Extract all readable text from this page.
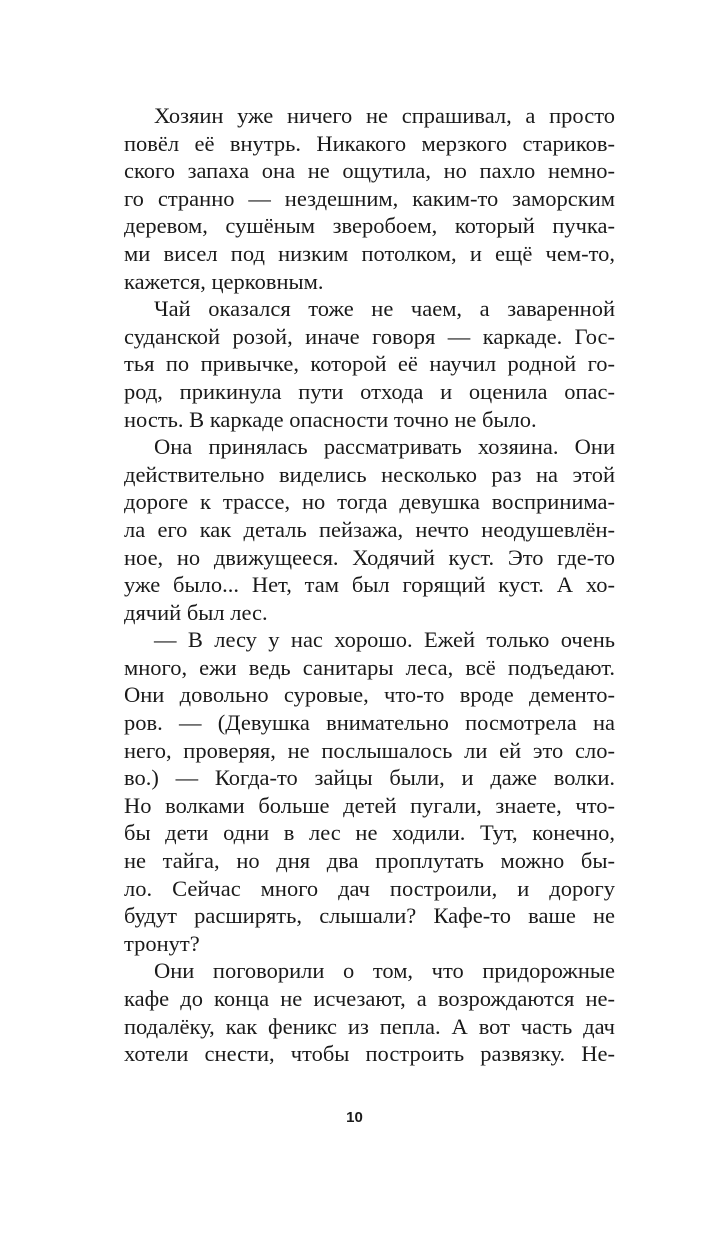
Хозяин уже ничего не спрашивал, а просто
повёл её внутрь. Никакого мерзкого стариков-
ского запаха она не ощутила, но пахло немно-
го странно — нездешним, каким-то заморским
деревом, сушёным зверобоем, который пучка-
ми висел под низким потолком, и ещё чем-то,
кажется, церковным.
Чай оказался тоже не чаем, а заваренной
суданской розой, иначе говоря — каркаде. Гос-
тья по привычке, которой её научил родной го-
род, прикинула пути отхода и оценила опас-
ность. В каркаде опасности точно не было.
Она принялась рассматривать хозяина. Они
действительно виделись несколько раз на этой
дороге к трассе, но тогда девушка воспринима-
ла его как деталь пейзажа, нечто неодушевлён-
ное, но движущееся. Ходячий куст. Это где-то
уже было... Нет, там был горящий куст. А хо-
дячий был лес.
— В лесу у нас хорошо. Ежей только очень
много, ежи ведь санитары леса, всё подъедают.
Они довольно суровые, что-то вроде дементо-
ров. — (Девушка внимательно посмотрела на
него, проверяя, не послышалось ли ей это сло-
во.) — Когда-то зайцы были, и даже волки.
Но волками больше детей пугали, знаете, что-
бы дети одни в лес не ходили. Тут, конечно,
не тайга, но дня два проплутать можно бы-
ло. Сейчас много дач построили, и дорогу
будут расширять, слышали? Кафе-то ваше не
тронут?
Они поговорили о том, что придорожные
кафе до конца не исчезают, а возрождаются не-
подалёку, как феникс из пепла. А вот часть дач
хотели снести, чтобы построить развязку. Не-
10
